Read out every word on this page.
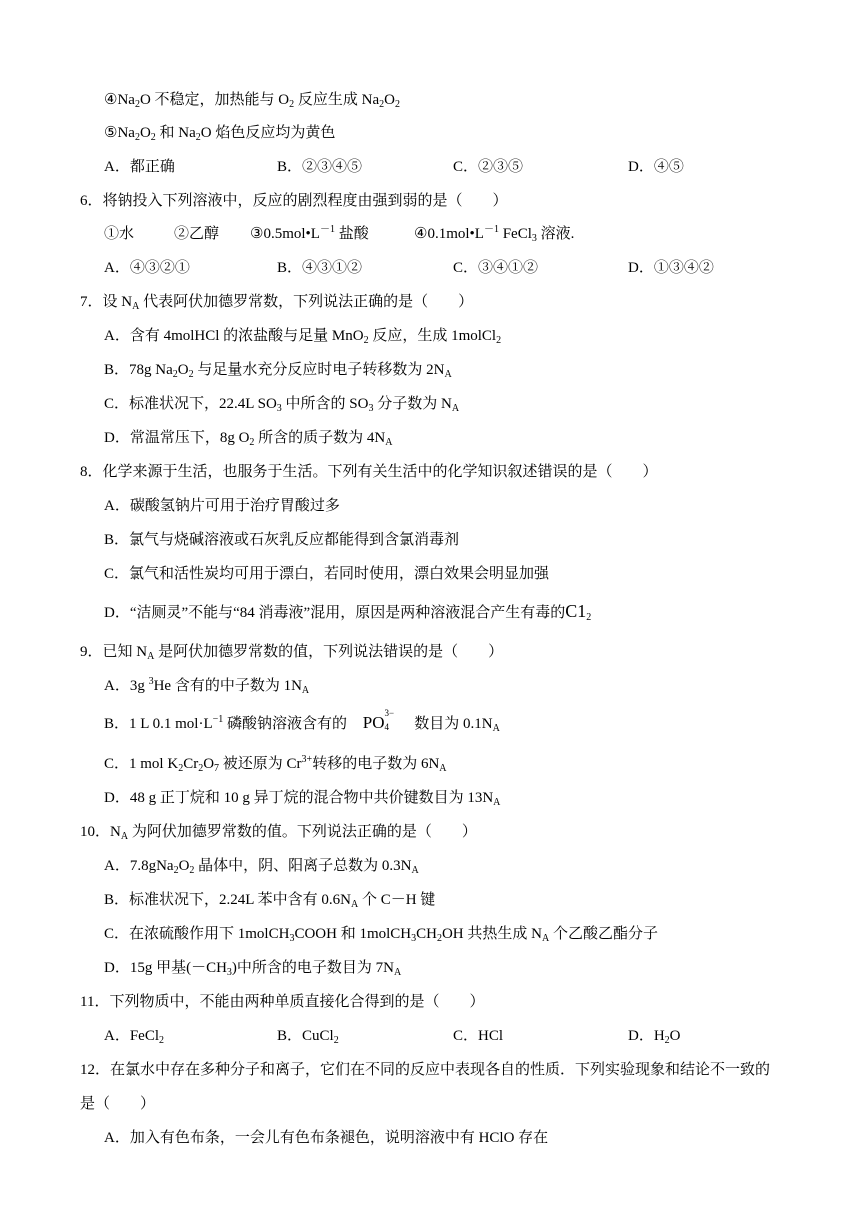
$④Na_2O$ 不稳定，加热能与 $O_2$ 反应生成 $Na_2O_2$
$⑤Na_2O_2$ 和 $Na_2O$ 焰色反应均为黄色
A．都正确	B．②③④⑤	C．②③⑤	D．④⑤
6．将钠投入下列溶液中，反应的剧烈程度由强到弱的是（　　）
①水	②乙醇 $③0.5mol•L^{-1}$ 盐酸	$④0.1mol•L^{-1}$ FeCl$_3$ 溶液.
A．④③②①	B．④③①②	C．③④①②	D．①③④②
7．设 $N_A$ 代表阿伏加德罗常数，下列说法正确的是（　　）
A．含有 4molHCl 的浓盐酸与足量 MnO$_2$ 反应，生成 1molCl$_2$
B．78g $Na_2O_2$ 与足量水充分反应时电子转移数为 $2N_A$
C．标准状况下，22.4L $SO_3$ 中所含的 $SO_3$ 分子数为 $N_A$
D．常温常压下，8g $O_2$ 所含的质子数为 $4N_A$
8．化学来源于生活，也服务于生活。下列有关生活中的化学知识叙述错误的是（　　）
A．碳酸氢钠片可用于治疗胃酸过多
B．氯气与烧碱溶液或石灰乳反应都能得到含氯消毒剂
C．氯气和活性炭均可用于漂白，若同时使用，漂白效果会明显加强
D．“洁厕灵”不能与“84 消毒液”混用，原因是两种溶液混合产生有毒的$C1_2$
9．已知 $N_A$ 是阿伏加德罗常数的值，下列说法错误的是（　　）
A．3g $^3$He 含有的中子数为 $1N_A$
B．1 L 0.1 $mol\cdot L^{-1}$ 磷酸钠溶液含有的 PO 3−
4 数目为 $0.1N_A$
C．1 mol $K_2Cr_2O_7$ 被还原为 $Cr^{3+}$转移的电子数为 $6N_A$
D．48 g 正丁烷和 10 g 异丁烷的混合物中共价键数目为 $13N_A$
10．$N_A$ 为阿伏加德罗常数的值。下列说法正确的是（　　）
A．$7.8gNa_2O_2$ 晶体中，阴、阳离子总数为 $0.3N_A$
B．标准状况下，2.24L 苯中含有 $0.6N_A$ 个 C－H 键
C．在浓硫酸作用下 1molCH$_3$COOH 和 $1molCH_3CH_2OH$ 共热生成 $N_A$ 个乙酸乙酯分子
D．15g 甲基$(-CH_3)$中所含的电子数目为 $7N_A$
11．下列物质中，不能由两种单质直接化合得到的是（　　）
A．FeCl$_2$	B．CuCl$_2$	C．HCl	D．$H_2O$
12．在氯水中存在多种分子和离子，它们在不同的反应中表现各自的性质．下列实验现象和结论不一致的
是（　　）
A．加入有色布条，一会儿有色布条褪色，说明溶液中有 HClO 存在
